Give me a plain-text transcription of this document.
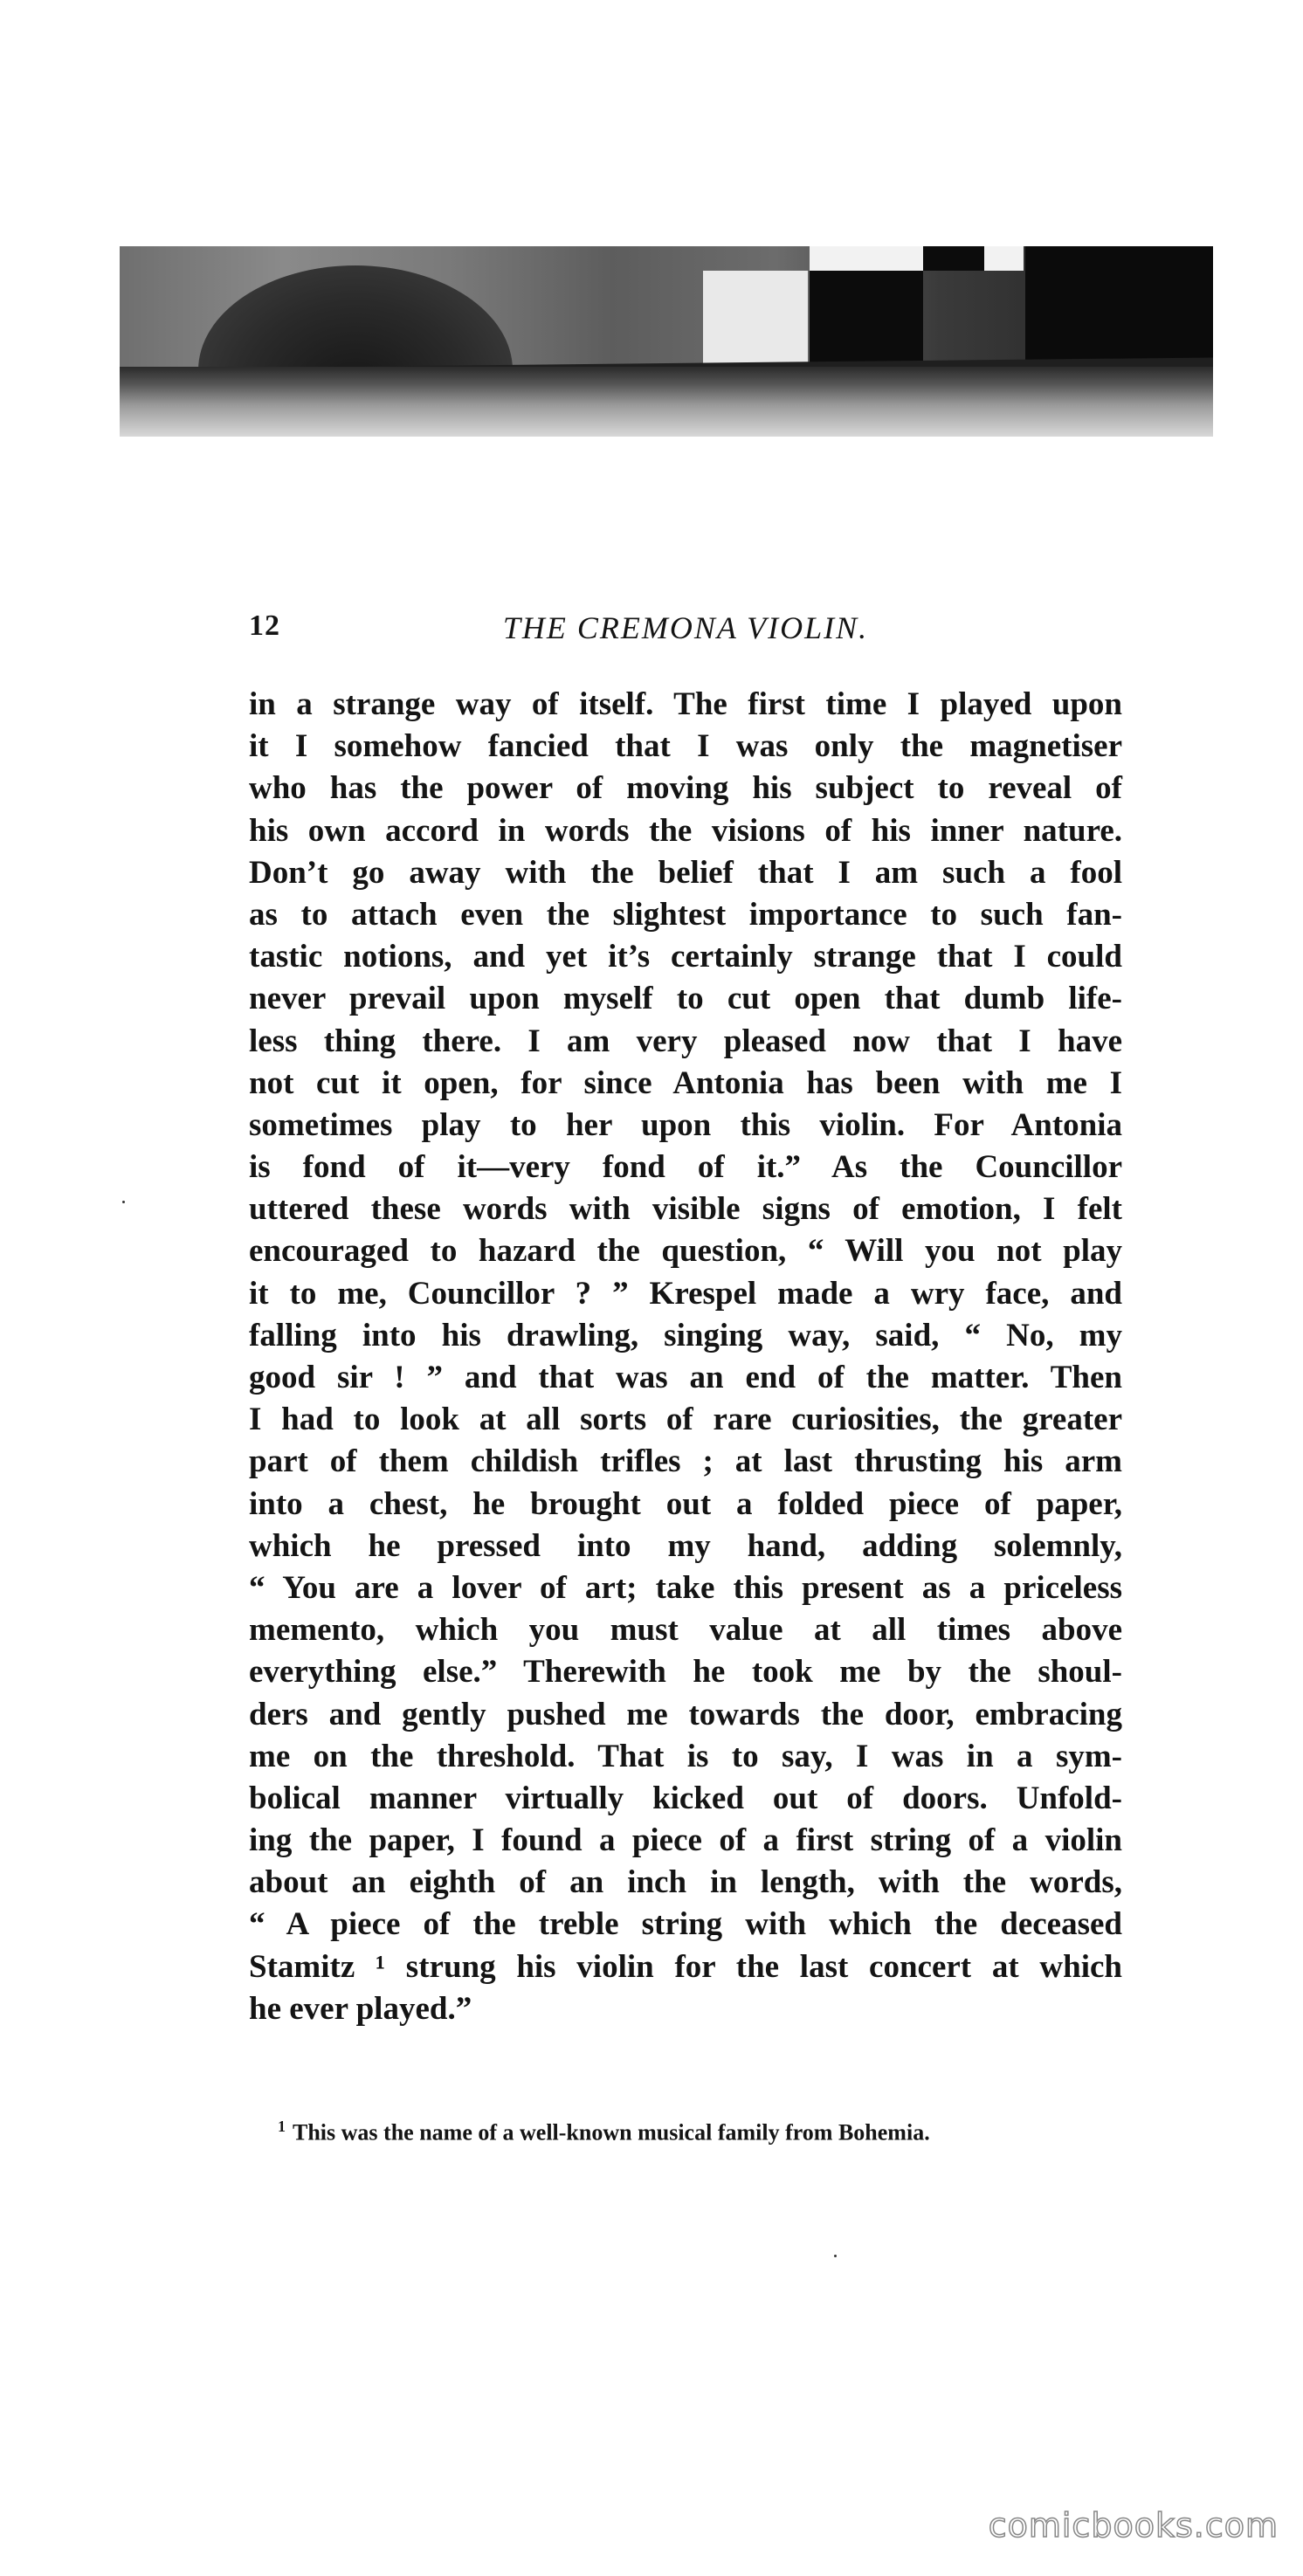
12	THE CREMONA VIOLIN.
in a strange way of itself. The first time I played upon
it I somehow fancied that I was only the magnetiser
who has the power of moving his subject to reveal of
his own accord in words the visions of his inner nature.
Don’t go away with the belief that I am such a fool
as to attach even the slightest importance to such fan-
tastic notions, and yet it’s certainly strange that I could
never prevail upon myself to cut open that dumb life-
less thing there. I am very pleased now that I have
not cut it open, for since Antonia has been with me I
sometimes play to her upon this violin. For Antonia
is fond of it—very fond of it.” As the Councillor
uttered these words with visible signs of emotion, I felt
encouraged to hazard the question, “ Will you not play
it to me, Councillor ? ” Krespel made a wry face, and
falling into his drawling, singing way, said, “ No, my
good sir ! ” and that was an end of the matter. Then
I had to look at all sorts of rare curiosities, the greater
part of them childish trifles ; at last thrusting his arm
into a chest, he brought out a folded piece of paper,
which he pressed into my hand, adding solemnly,
“ You are a lover of art; take this present as a priceless
memento, which you must value at all times above
everything else.” Therewith he took me by the shoul-
ders and gently pushed me towards the door, embracing
me on the threshold. That is to say, I was in a sym-
bolical manner virtually kicked out of doors. Unfold-
ing the paper, I found a piece of a first string of a violin
about an eighth of an inch in length, with the words,
“ A piece of the treble string with which the deceased
Stamitz ¹ strung his violin for the last concert at which
he ever played.”
$^1$ This was the name of a well-known musical family from Bohemia.
comicbooks.com
